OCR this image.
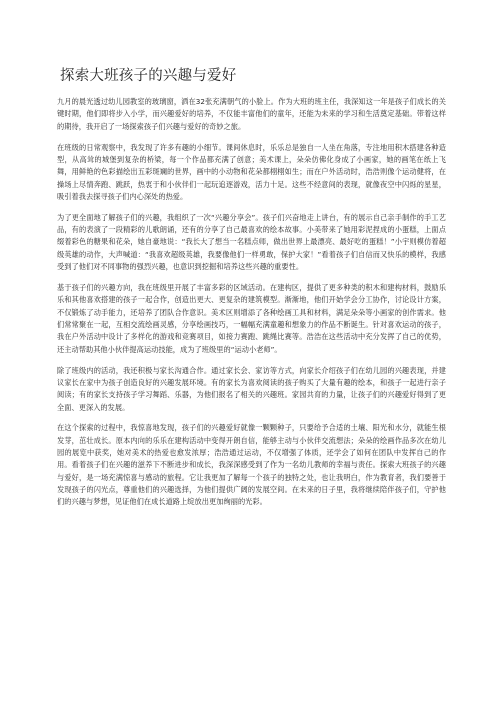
探索大班孩子的兴趣与爱好

九月的晨光透过幼儿园教室的玻璃窗，洒在32张充满朝气的小脸上。作为大班的班主任，我深知这一年是孩子们成长的关键时期，他们即将步入小学，而兴趣爱好的培养，不仅能丰富他们的童年，还能为未来的学习和生活奠定基础。带着这样的期待，我开启了一场探索孩子们兴趣与爱好的奇妙之旅。

在班级的日常观察中，我发现了许多有趣的小细节。课间休息时，乐乐总是独自一人坐在角落，专注地用积木搭建各种造型，从高耸的城堡到复杂的桥梁，每一个作品都充满了创意；美术课上，朵朵仿佛化身成了小画家，她的画笔在纸上飞舞，用鲜艳的色彩描绘出五彩斑斓的世界，画中的小动物和花朵都栩栩如生；而在户外活动时，浩浩则像个运动健将，在操场上尽情奔跑、跳跃，热衷于和小伙伴们一起玩追逐游戏，活力十足。这些不经意间的表现，就像夜空中闪烁的星星，吸引着我去探寻孩子们内心深处的热爱。

为了更全面地了解孩子们的兴趣，我组织了一次“兴趣分享会”。孩子们兴奋地走上讲台，有的展示自己亲手制作的手工艺品，有的表演了一段精彩的儿歌朗诵，还有的分享了自己最喜欢的绘本故事。小美带来了她用彩泥捏成的小蛋糕，上面点缀着彩色的糖果和花朵，她自豪地说：“我长大了想当一名糕点师，做出世界上最漂亮、最好吃的蛋糕！”小宇则模仿着超级英雄的动作，大声喊道：“我喜欢超级英雄，我要像他们一样勇敢，保护大家！”看着孩子们自信而又快乐的模样，我感受到了他们对不同事物的强烈兴趣，也意识到挖掘和培养这些兴趣的重要性。

基于孩子们的兴趣方向，我在班级里开展了丰富多彩的区域活动。在建构区，提供了更多种类的积木和建构材料，鼓励乐乐和其他喜欢搭建的孩子一起合作，创造出更大、更复杂的建筑模型。渐渐地，他们开始学会分工协作，讨论设计方案，不仅锻炼了动手能力，还培养了团队合作意识。美术区则增添了各种绘画工具和材料，满足朵朵等小画家的创作需求。他们常常聚在一起，互相交流绘画灵感，分享绘画技巧，一幅幅充满童趣和想象力的作品不断诞生。针对喜欢运动的孩子，我在户外活动中设计了多样化的游戏和竞赛项目，如接力赛跑、跳绳比赛等。浩浩在这些活动中充分发挥了自己的优势，还主动帮助其他小伙伴提高运动技能，成为了班级里的“运动小老师”。

除了班级内的活动，我还积极与家长沟通合作。通过家长会、家访等方式，向家长介绍孩子们在幼儿园的兴趣表现，并建议家长在家中为孩子创造良好的兴趣发展环境。有的家长为喜欢阅读的孩子购买了大量有趣的绘本，和孩子一起进行亲子阅读；有的家长支持孩子学习舞蹈、乐器，为他们报名了相关的兴趣班。家园共育的力量，让孩子们的兴趣爱好得到了更全面、更深入的发展。

在这个探索的过程中，我惊喜地发现，孩子们的兴趣爱好就像一颗颗种子，只要给予合适的土壤、阳光和水分，就能生根发芽，茁壮成长。原本内向的乐乐在建构活动中变得开朗自信，能够主动与小伙伴交流想法；朵朵的绘画作品多次在幼儿园的展览中获奖，她对美术的热爱也愈发浓厚；浩浩通过运动，不仅增强了体质，还学会了如何在团队中发挥自己的作用。看着孩子们在兴趣的滋养下不断进步和成长，我深深感受到了作为一名幼儿教师的幸福与责任。探索大班孩子的兴趣与爱好，是一场充满惊喜与感动的旅程。它让我更加了解每一个孩子的独特之处，也让我明白，作为教育者，我们要善于发现孩子的闪光点，尊重他们的兴趣选择，为他们提供广阔的发展空间。在未来的日子里，我将继续陪伴孩子们，守护他们的兴趣与梦想，见证他们在成长道路上绽放出更加绚丽的光彩。
